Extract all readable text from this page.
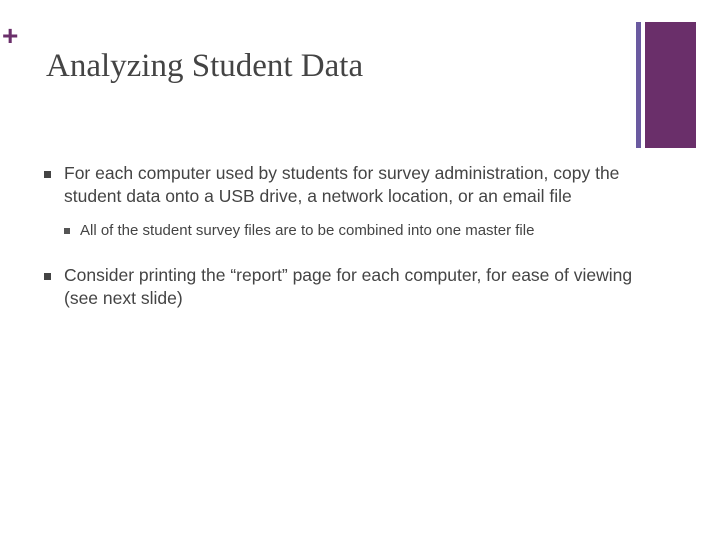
+
Analyzing Student Data
For each computer used by students for survey administration, copy the student data onto a USB drive, a network location, or an email file
All of the student survey files are to be combined into one master file
Consider printing the “report” page for each computer, for ease of viewing (see next slide)
